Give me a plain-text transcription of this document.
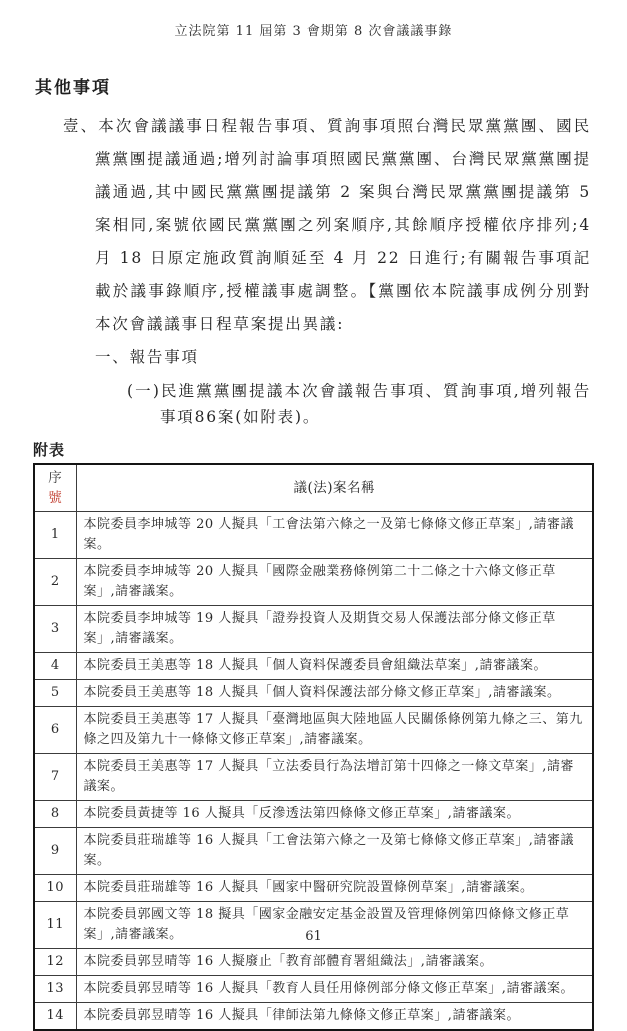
立法院第 11 屆第 3 會期第 8 次會議議事錄
其他事項
壹、本次會議議事日程報告事項、質詢事項照台灣民眾黨黨團、國民黨黨團提議通過;增列討論事項照國民黨黨團、台灣民眾黨黨團提議通過,其中國民黨黨團提議第 2 案與台灣民眾黨黨團提議第 5 案相同,案號依國民黨黨團之列案順序,其餘順序授權依序排列;4 月 18 日原定施政質詢順延至 4 月 22 日進行;有關報告事項記載於議事錄順序,授權議事處調整。【黨團依本院議事成例分別對本次會議議事日程草案提出異議:
一、報告事項
(一)民進黨黨團提議本次會議報告事項、質詢事項,增列報告事項86案(如附表)。
附表
序號	議(法)案名稱
1	本院委員李坤城等 20 人擬具「工會法第六條之一及第七條條文修正草案」,請審議案。
2	本院委員李坤城等 20 人擬具「國際金融業務條例第二十二條之十六條文修正草案」,請審議案。
3	本院委員李坤城等 19 人擬具「證券投資人及期貨交易人保護法部分條文修正草案」,請審議案。
4	本院委員王美惠等 18 人擬具「個人資料保護委員會組織法草案」,請審議案。
5	本院委員王美惠等 18 人擬具「個人資料保護法部分條文修正草案」,請審議案。
6	本院委員王美惠等 17 人擬具「臺灣地區與大陸地區人民關係條例第九條之三、第九條之四及第九十一條條文修正草案」,請審議案。
7	本院委員王美惠等 17 人擬具「立法委員行為法增訂第十四條之一條文草案」,請審議案。
8	本院委員黃捷等 16 人擬具「反滲透法第四條條文修正草案」,請審議案。
9	本院委員莊瑞雄等 16 人擬具「工會法第六條之一及第七條條文修正草案」,請審議案。
10	本院委員莊瑞雄等 16 人擬具「國家中醫研究院設置條例草案」,請審議案。
11	本院委員郭國文等 18 擬具「國家金融安定基金設置及管理條例第四條條文修正草案」,請審議案。
12	本院委員郭昱晴等 16 人擬廢止「教育部體育署組織法」,請審議案。
13	本院委員郭昱晴等 16 人擬具「教育人員任用條例部分條文修正草案」,請審議案。
14	本院委員郭昱晴等 16 人擬具「律師法第九條條文修正草案」,請審議案。
61
